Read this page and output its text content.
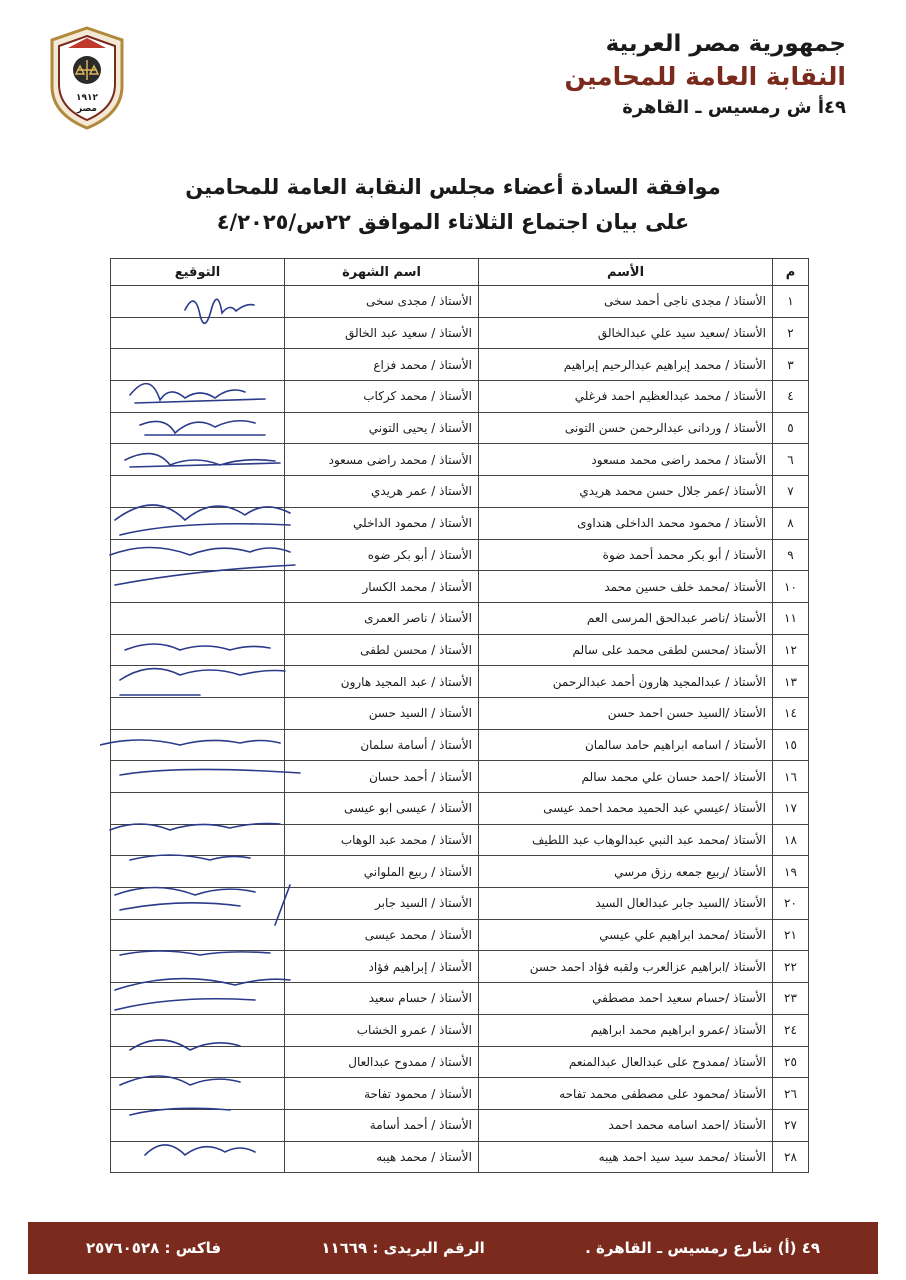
١٩١٢
مصر
جمهورية مصر العربية
النقابة العامة للمحامين
٤٩أ ش رمسيس ـ القاهرة
موافقة السادة أعضاء مجلس النقابة العامة للمحامين
على بيان اجتماع الثلاثاء الموافق ٢٢س/٤/٢٠٢٥
م	الأسم	اسم الشهرة	التوقيع
١	الأستاذ / مجدى ناجى أحمد سخى	الأستاذ / مجدى سخى	
٢	الأستاذ /سعيد سيد علي عبدالخالق	الأستاذ / سعيد عبد الخالق	
٣	الأستاذ / محمد إبراهيم عبدالرحيم إبراهيم	الأستاذ / محمد فزاع	
٤	الأستاذ / محمد عبدالعظيم احمد فرغلي	الأستاذ / محمد كركاب	
٥	الأستاذ / وردانى عبدالرحمن حسن التونى	الأستاذ / يحيى التوني	
٦	الأستاذ / محمد راضى محمد مسعود	الأستاذ / محمد راضى مسعود	
٧	الأستاذ /عمر جلال حسن محمد هريدي	الأستاذ / عمر هريدي	
٨	الأستاذ / محمود محمد الداخلى هنداوى	الأستاذ / محمود الداخلي	
٩	الأستاذ / أبو بكر محمد أحمد ضوة	الأستاذ / أبو بكر ضوه	
١٠	الأستاذ /محمد خلف حسين محمد	الأستاذ / محمد الكسار	
١١	الأستاذ /ناصر عبدالحق المرسى العم	الأستاذ / ناصر العمرى	
١٢	الأستاذ /محسن لطفى محمد على سالم	الأستاذ / محسن لطفى	
١٣	الأستاذ / عبدالمجيد هارون أحمد عبدالرحمن	الأستاذ / عبد المجيد هارون	
١٤	الأستاذ /السيد حسن احمد حسن	الأستاذ / السيد حسن	
١٥	الأستاذ / اسامه ابراهيم حامد سالمان	الأستاذ / أسامة سلمان	
١٦	الأستاذ /احمد حسان علي محمد سالم	الأستاذ / أحمد حسان	
١٧	الأستاذ /عيسي عبد الحميد محمد احمد عيسى	الأستاذ / عيسى ابو عيسى	
١٨	الأستاذ /محمد عبد النبي عبدالوهاب عبد اللطيف	الأستاذ / محمد عبد الوهاب	
١٩	الأستاذ /ربيع جمعه رزق مرسي	الأستاذ / ربيع الملواني	
٢٠	الأستاذ /السيد جابر عبدالعال السيد	الأستاذ / السيد جابر	
٢١	الأستاذ /محمد ابراهيم علي عيسي	الأستاذ / محمد عيسى	
٢٢	الأستاذ /ابراهيم عزالعرب ولقبه فؤاد احمد حسن	الأستاذ / إبراهيم فؤاد	
٢٣	الأستاذ /حسام سعيد احمد مصطفي	الأستاذ / حسام سعيد	
٢٤	الأستاذ /عمرو ابراهيم محمد ابراهيم	الأستاذ / عمرو الخشاب	
٢٥	الأستاذ /ممدوح على عبدالعال عبدالمنعم	الأستاذ / ممدوح عبدالعال	
٢٦	الأستاذ /محمود على مصطفى محمد تفاحه	الأستاذ / محمود تفاحة	
٢٧	الأستاذ /احمد اسامه محمد احمد	الأستاذ / أحمد أسامة	
٢٨	الأستاذ /محمد سيد سيد احمد هيبه	الأستاذ / محمد هيبه	
٤٩ (أ) شارع رمسيس ـ القاهرة .
الرقم البريدى : ١١٦٦٩
فاكس : ٢٥٧٦٠٥٢٨
